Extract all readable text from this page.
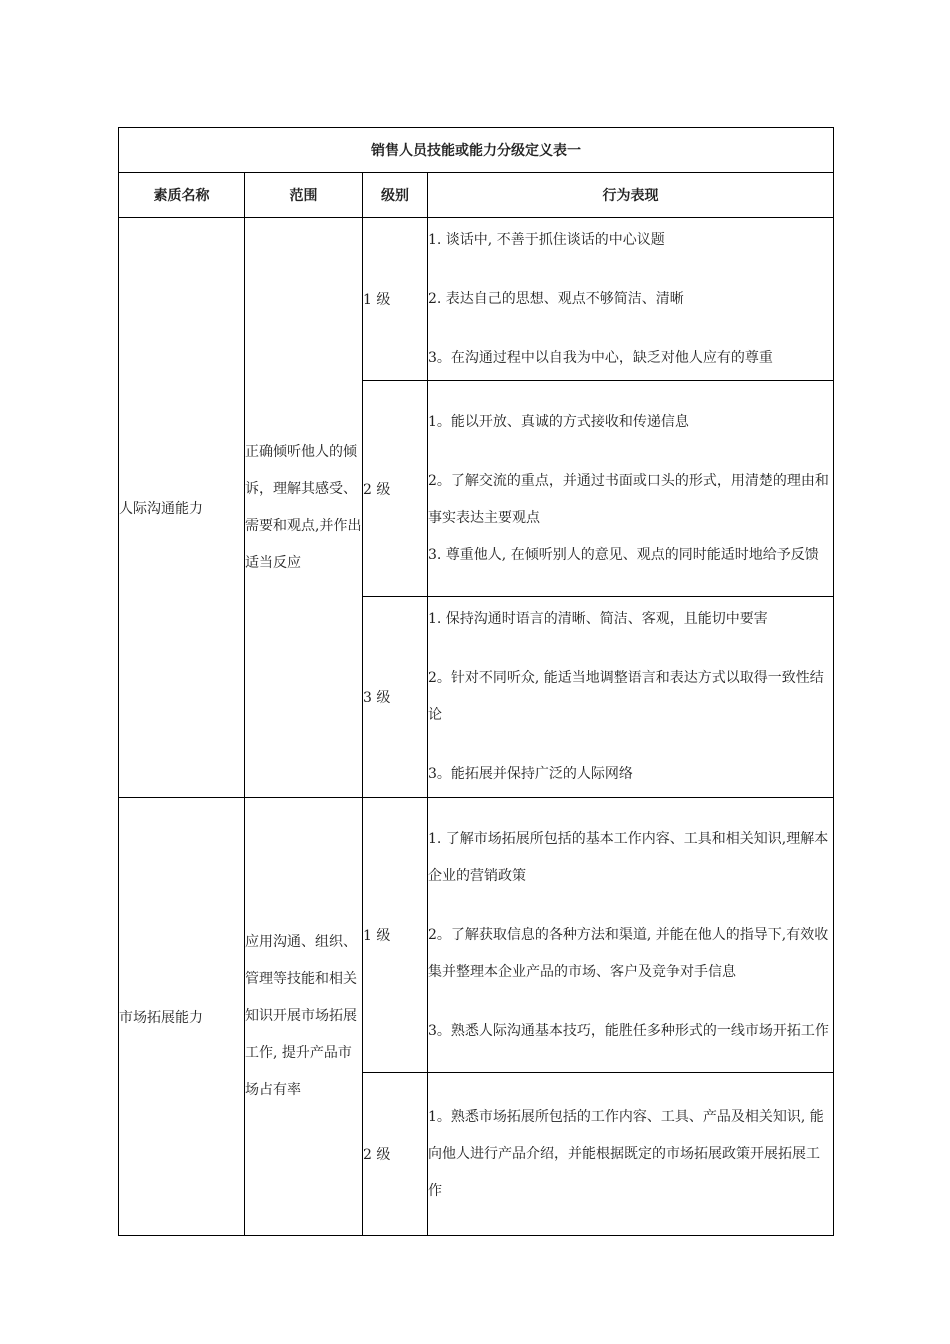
销售人员技能或能力分级定义表一			
素质名称	范围	级别	行为表现
人际沟通能力	正确倾听他人的倾诉，理解其感受、需要和观点,并作出适当反应	1 级	1. 谈话中, 不善于抓住谈话的中心议题
2. 表达自己的思想、观点不够简洁、清晰
3。在沟通过程中以自我为中心，缺乏对他人应有的尊重

		2 级	1。能以开放、真诚的方式接收和传递信息
2。了解交流的重点，并通过书面或口头的形式，用清楚的理由和事实表达主要观点
3. 尊重他人, 在倾听别人的意见、观点的同时能适时地给予反馈

		3 级	1. 保持沟通时语言的清晰、简洁、客观，且能切中要害
2。针对不同听众, 能适当地调整语言和表达方式以取得一致性结论
3。能拓展并保持广泛的人际网络

市场拓展能力	应用沟通、组织、管理等技能和相关知识开展市场拓展工作, 提升产品市场占有率	1 级	1. 了解市场拓展所包括的基本工作内容、工具和相关知识,理解本企业的营销政策
2。了解获取信息的各种方法和渠道, 并能在他人的指导下,有效收集并整理本企业产品的市场、客户及竞争对手信息
3。熟悉人际沟通基本技巧，能胜任多种形式的一线市场开拓工作

		2 级	1。熟悉市场拓展所包括的工作内容、工具、产品及相关知识, 能向他人进行产品介绍，并能根据既定的市场拓展政策开展拓展工作
